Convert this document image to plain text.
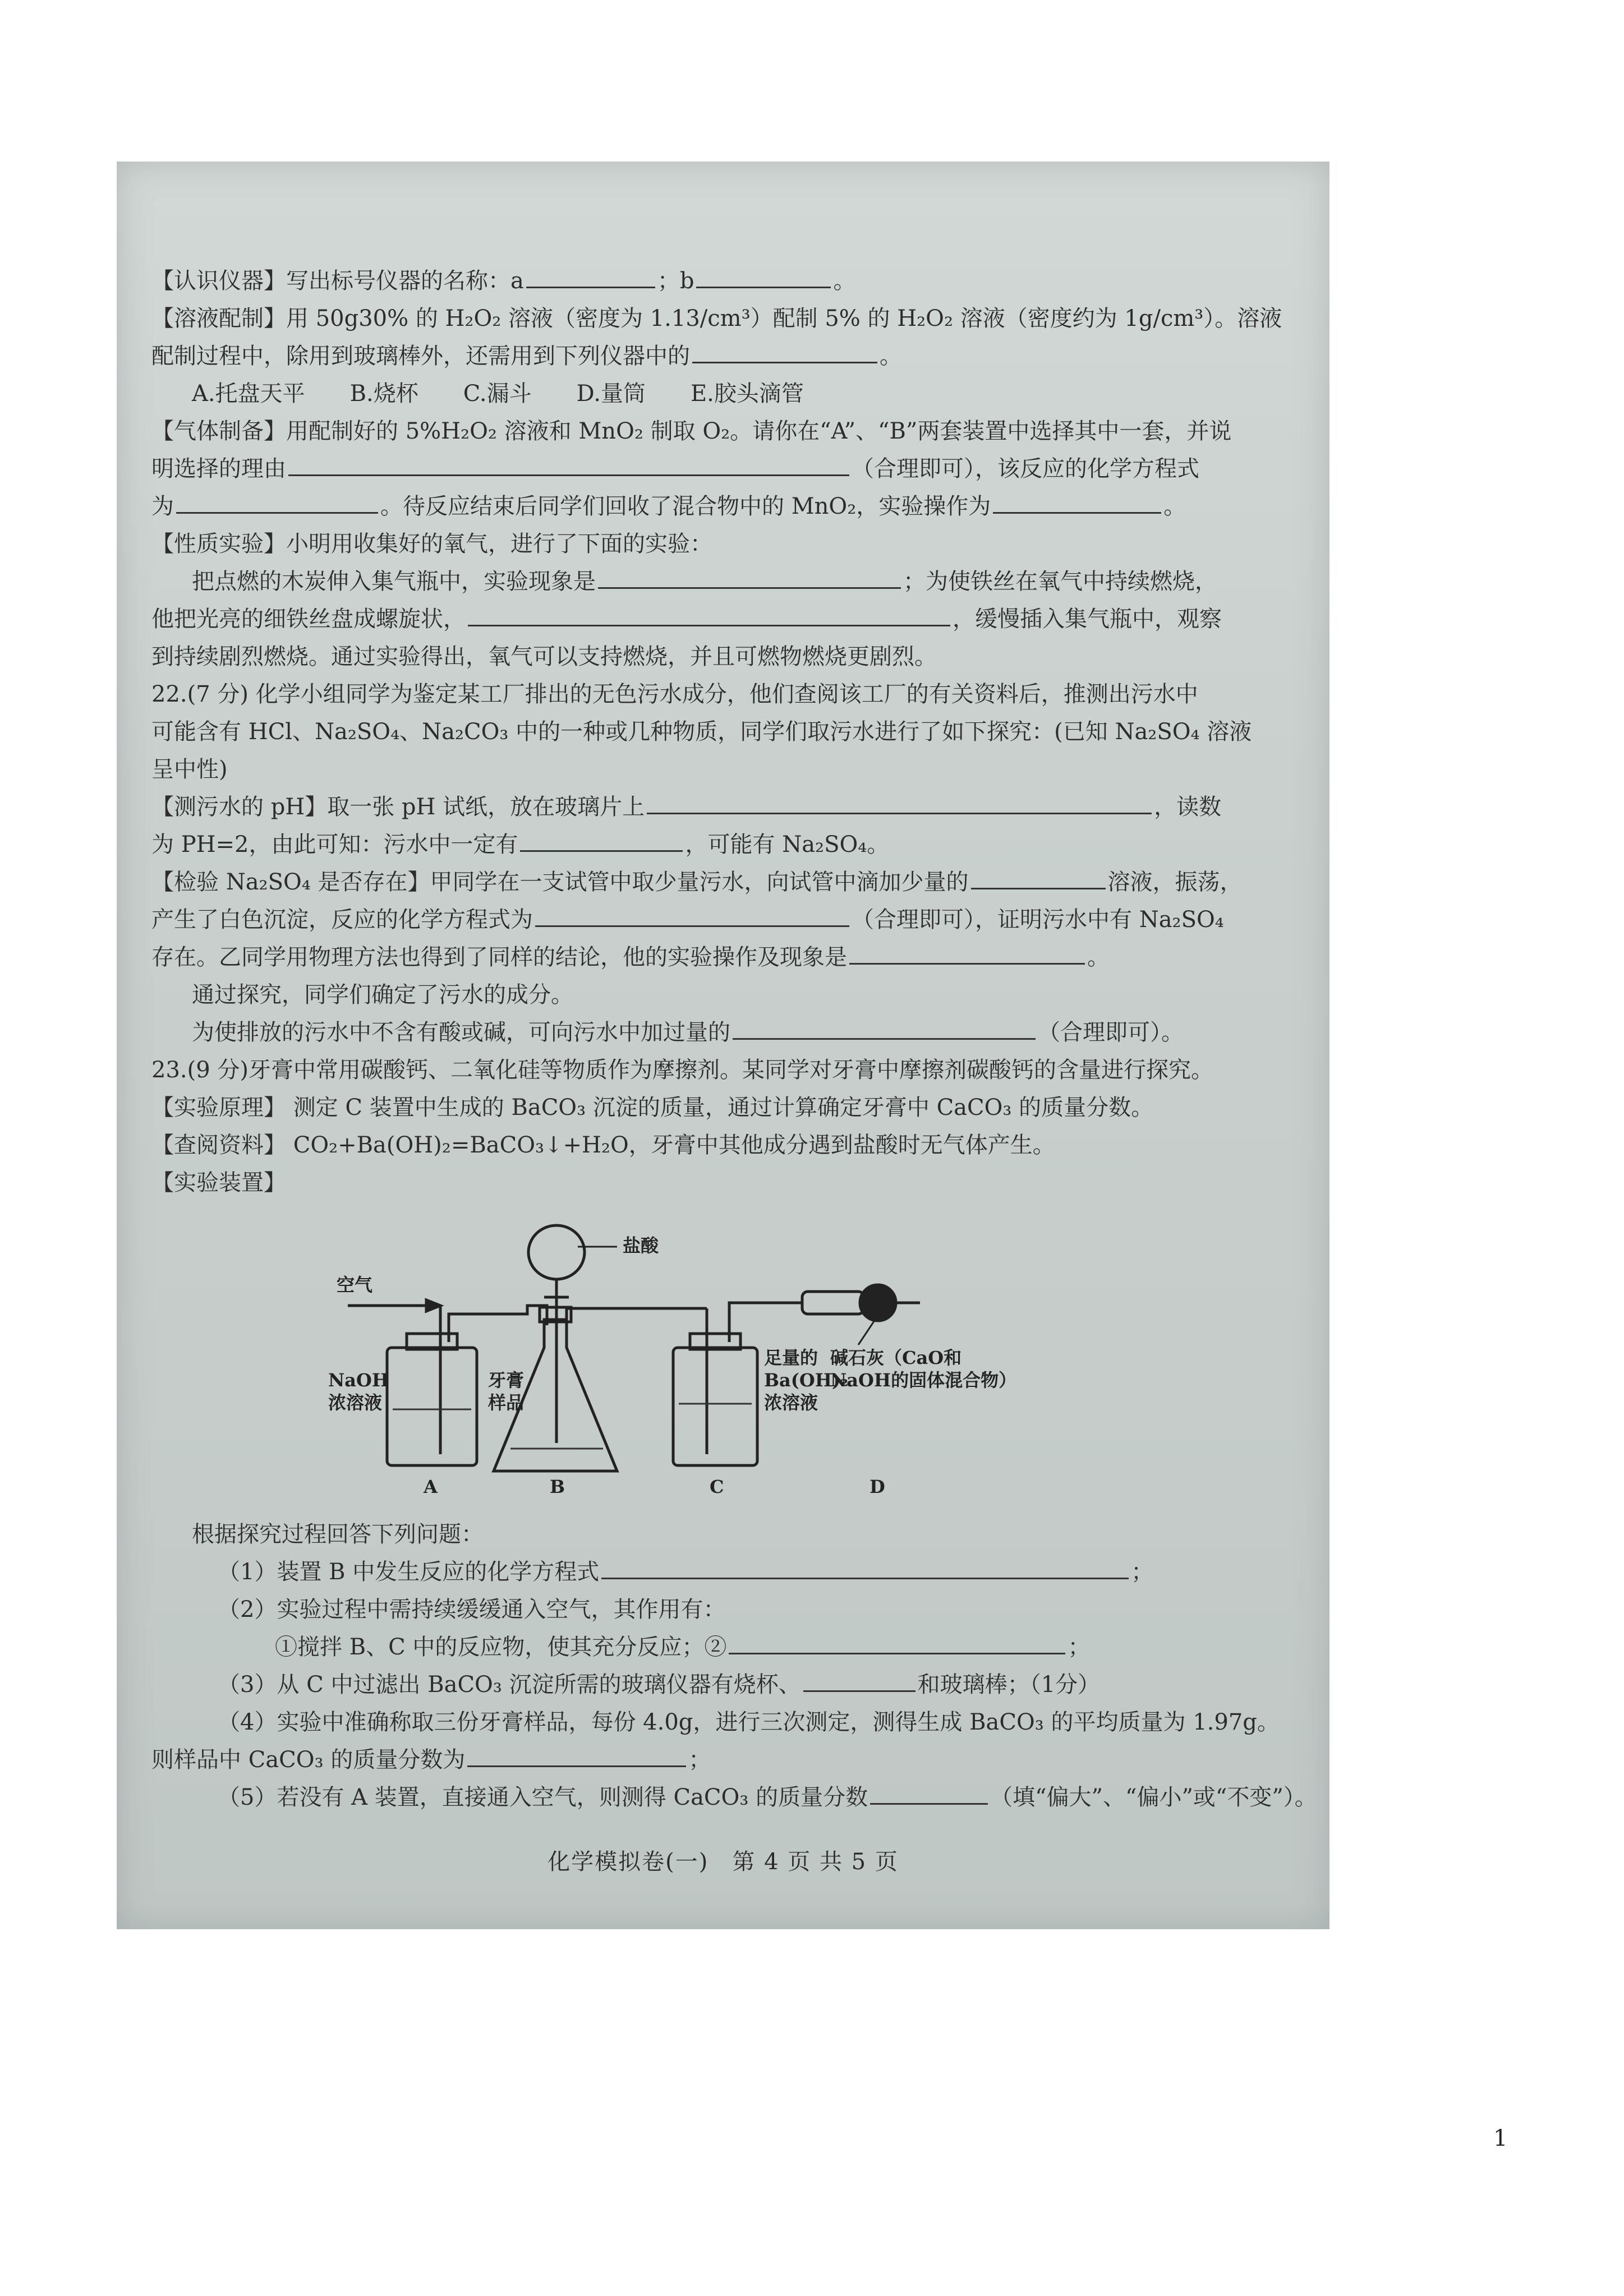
【认识仪器】写出标号仪器的名称：a	；b	。
【溶液配制】用 50g30% 的 H₂O₂ 溶液（密度为 1.13/cm³）配制 5% 的 H₂O₂ 溶液（密度约为 1g/cm³）。溶液
配制过程中，除用到玻璃棒外，还需用到下列仪器中的	。
A.托盘天平　　B.烧杯　　C.漏斗　　D.量筒　　E.胶头滴管
【气体制备】用配制好的 5%H₂O₂ 溶液和 MnO₂ 制取 O₂。请你在“A”、“B”两套装置中选择其中一套，并说
明选择的理由	（合理即可），该反应的化学方程式
为	。待反应结束后同学们回收了混合物中的 MnO₂，实验操作为	。
【性质实验】小明用收集好的氧气，进行了下面的实验：
把点燃的木炭伸入集气瓶中，实验现象是	；为使铁丝在氧气中持续燃烧，
他把光亮的细铁丝盘成螺旋状，	，缓慢插入集气瓶中，观察
到持续剧烈燃烧。通过实验得出，氧气可以支持燃烧，并且可燃物燃烧更剧烈。
22.(7 分) 化学小组同学为鉴定某工厂排出的无色污水成分，他们查阅该工厂的有关资料后，推测出污水中
可能含有 HCl、Na₂SO₄、Na₂CO₃ 中的一种或几种物质，同学们取污水进行了如下探究：(已知 Na₂SO₄ 溶液
呈中性)
【测污水的 pH】取一张 pH 试纸，放在玻璃片上	，读数
为 PH=2，由此可知：污水中一定有	，可能有 Na₂SO₄。
【检验 Na₂SO₄ 是否存在】甲同学在一支试管中取少量污水，向试管中滴加少量的	溶液，振荡，
产生了白色沉淀，反应的化学方程式为	（合理即可），证明污水中有 Na₂SO₄
存在。乙同学用物理方法也得到了同样的结论，他的实验操作及现象是	。
通过探究，同学们确定了污水的成分。
为使排放的污水中不含有酸或碱，可向污水中加过量的	（合理即可）。
23.(9 分)牙膏中常用碳酸钙、二氧化硅等物质作为摩擦剂。某同学对牙膏中摩擦剂碳酸钙的含量进行探究。
【实验原理】 测定 C 装置中生成的 BaCO₃ 沉淀的质量，通过计算确定牙膏中 CaCO₃ 的质量分数。
【查阅资料】 CO₂+Ba(OH)₂=BaCO₃↓+H₂O，牙膏中其他成分遇到盐酸时无气体产生。
【实验装置】
空气
盐酸
NaOH
浓溶液
牙膏
样品
足量的
Ba(OH)₂
浓溶液
碱石灰（CaO和
NaOH的固体混合物）
A	B	C	D
根据探究过程回答下列问题：
（1）装置 B 中发生反应的化学方程式	；
（2）实验过程中需持续缓缓通入空气，其作用有：
①搅拌 B、C 中的反应物，使其充分反应；②	；
（3）从 C 中过滤出 BaCO₃ 沉淀所需的玻璃仪器有烧杯、	和玻璃棒；（1分）
（4）实验中准确称取三份牙膏样品，每份 4.0g，进行三次测定，测得生成 BaCO₃ 的平均质量为 1.97g。
则样品中 CaCO₃ 的质量分数为	；
（5）若没有 A 装置，直接通入空气，则测得 CaCO₃ 的质量分数	（填“偏大”、“偏小”或“不变”）。
化学模拟卷(一)　第 4 页 共 5 页
1
